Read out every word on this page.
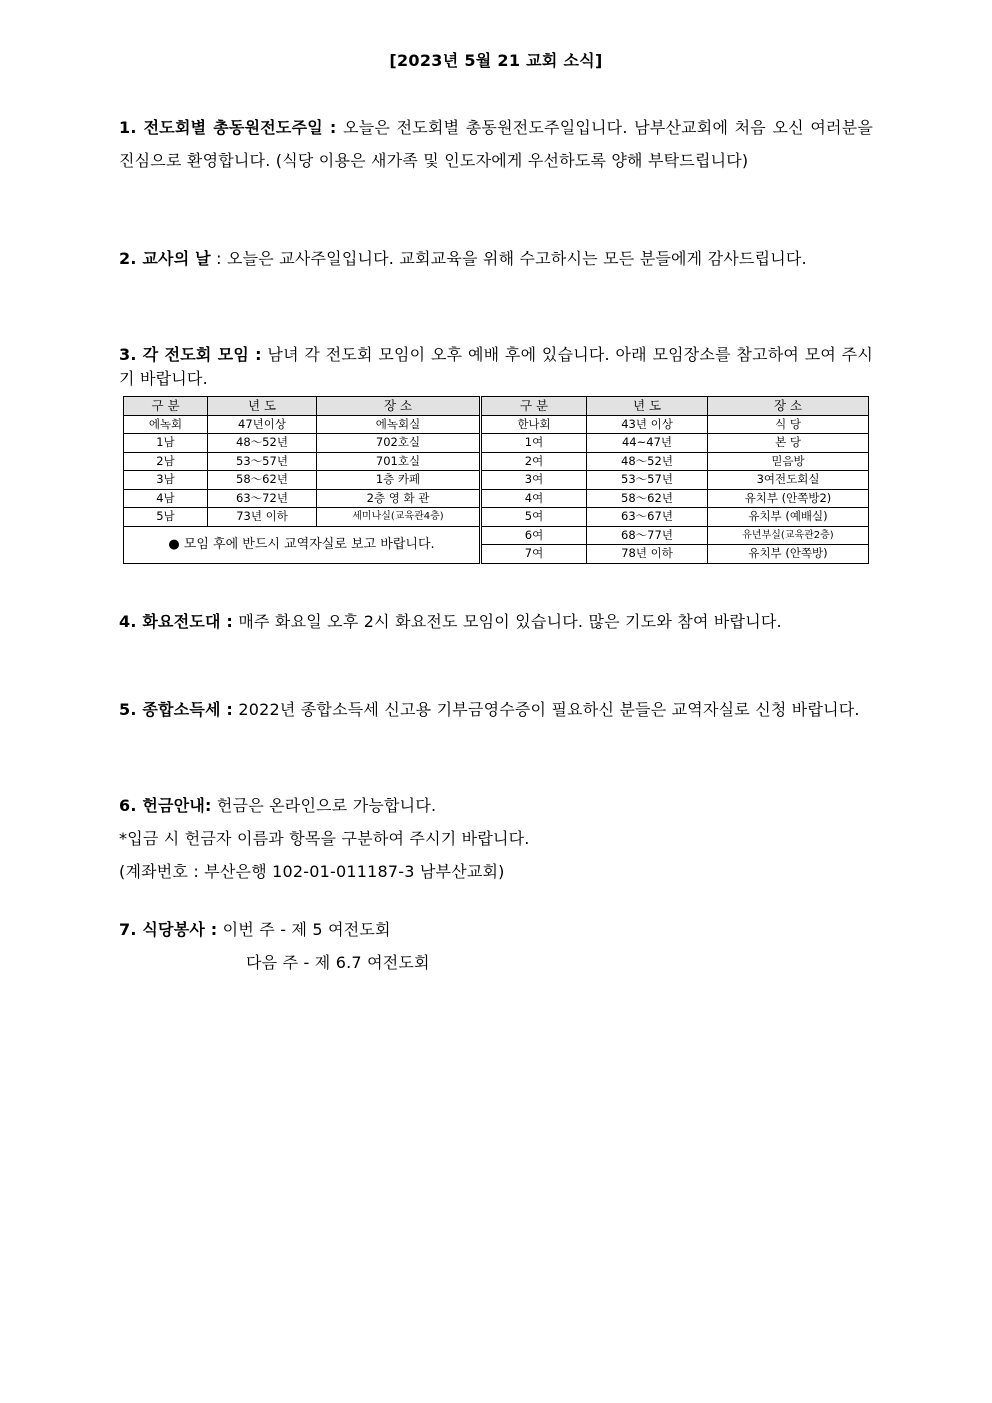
[2023년 5월 21 교회 소식]
1. 전도회별 총동원전도주일 : 오늘은 전도회별 총동원전도주일입니다. 남부산교회에 처음 오신 여러분을 진심으로 환영합니다. (식당 이용은 새가족 및 인도자에게 우선하도록 양해 부탁드립니다)
2. 교사의 날 : 오늘은 교사주일입니다. 교회교육을 위해 수고하시는 모든 분들에게 감사드립니다.
3. 각 전도회 모임 : 남녀 각 전도회 모임이 오후 예배 후에 있습니다. 아래 모임장소를 참고하여 모여 주시기 바랍니다.
구 분	년 도	장 소	구 분	년 도	장 소
에녹회	47년이상	에녹회실	한나회	43년 이상	식 당
1남	48～52년	702호실	1여	44~47년	본 당
2남	53～57년	701호실	2여	48～52년	믿음방
3남	58～62년	1층 카페	3여	53～57년	3여전도회실
4남	63～72년	2층 영 화 관	4여	58～62년	유치부 (안쪽방2)
5남	73년 이하	세미나실(교육관4층)	5여	63～67년	유치부 (예배실)
● 모임 후에 반드시 교역자실로 보고 바랍니다.			6여	68～77년	유년부실(교육관2층)
			7여	78년 이하	유치부 (안쪽방)
4. 화요전도대 : 매주 화요일 오후 2시 화요전도 모임이 있습니다. 많은 기도와 참여 바랍니다.
5. 종합소득세 : 2022년 종합소득세 신고용 기부금영수증이 필요하신 분들은 교역자실로 신청 바랍니다.
6. 헌금안내: 헌금은 온라인으로 가능합니다.
*입금 시 헌금자 이름과 항목을 구분하여 주시기 바랍니다.
(계좌번호 : 부산은행 102-01-011187-3 남부산교회)
7. 식당봉사 : 이번 주 - 제 5 여전도회
다음 주 - 제 6.7 여전도회
